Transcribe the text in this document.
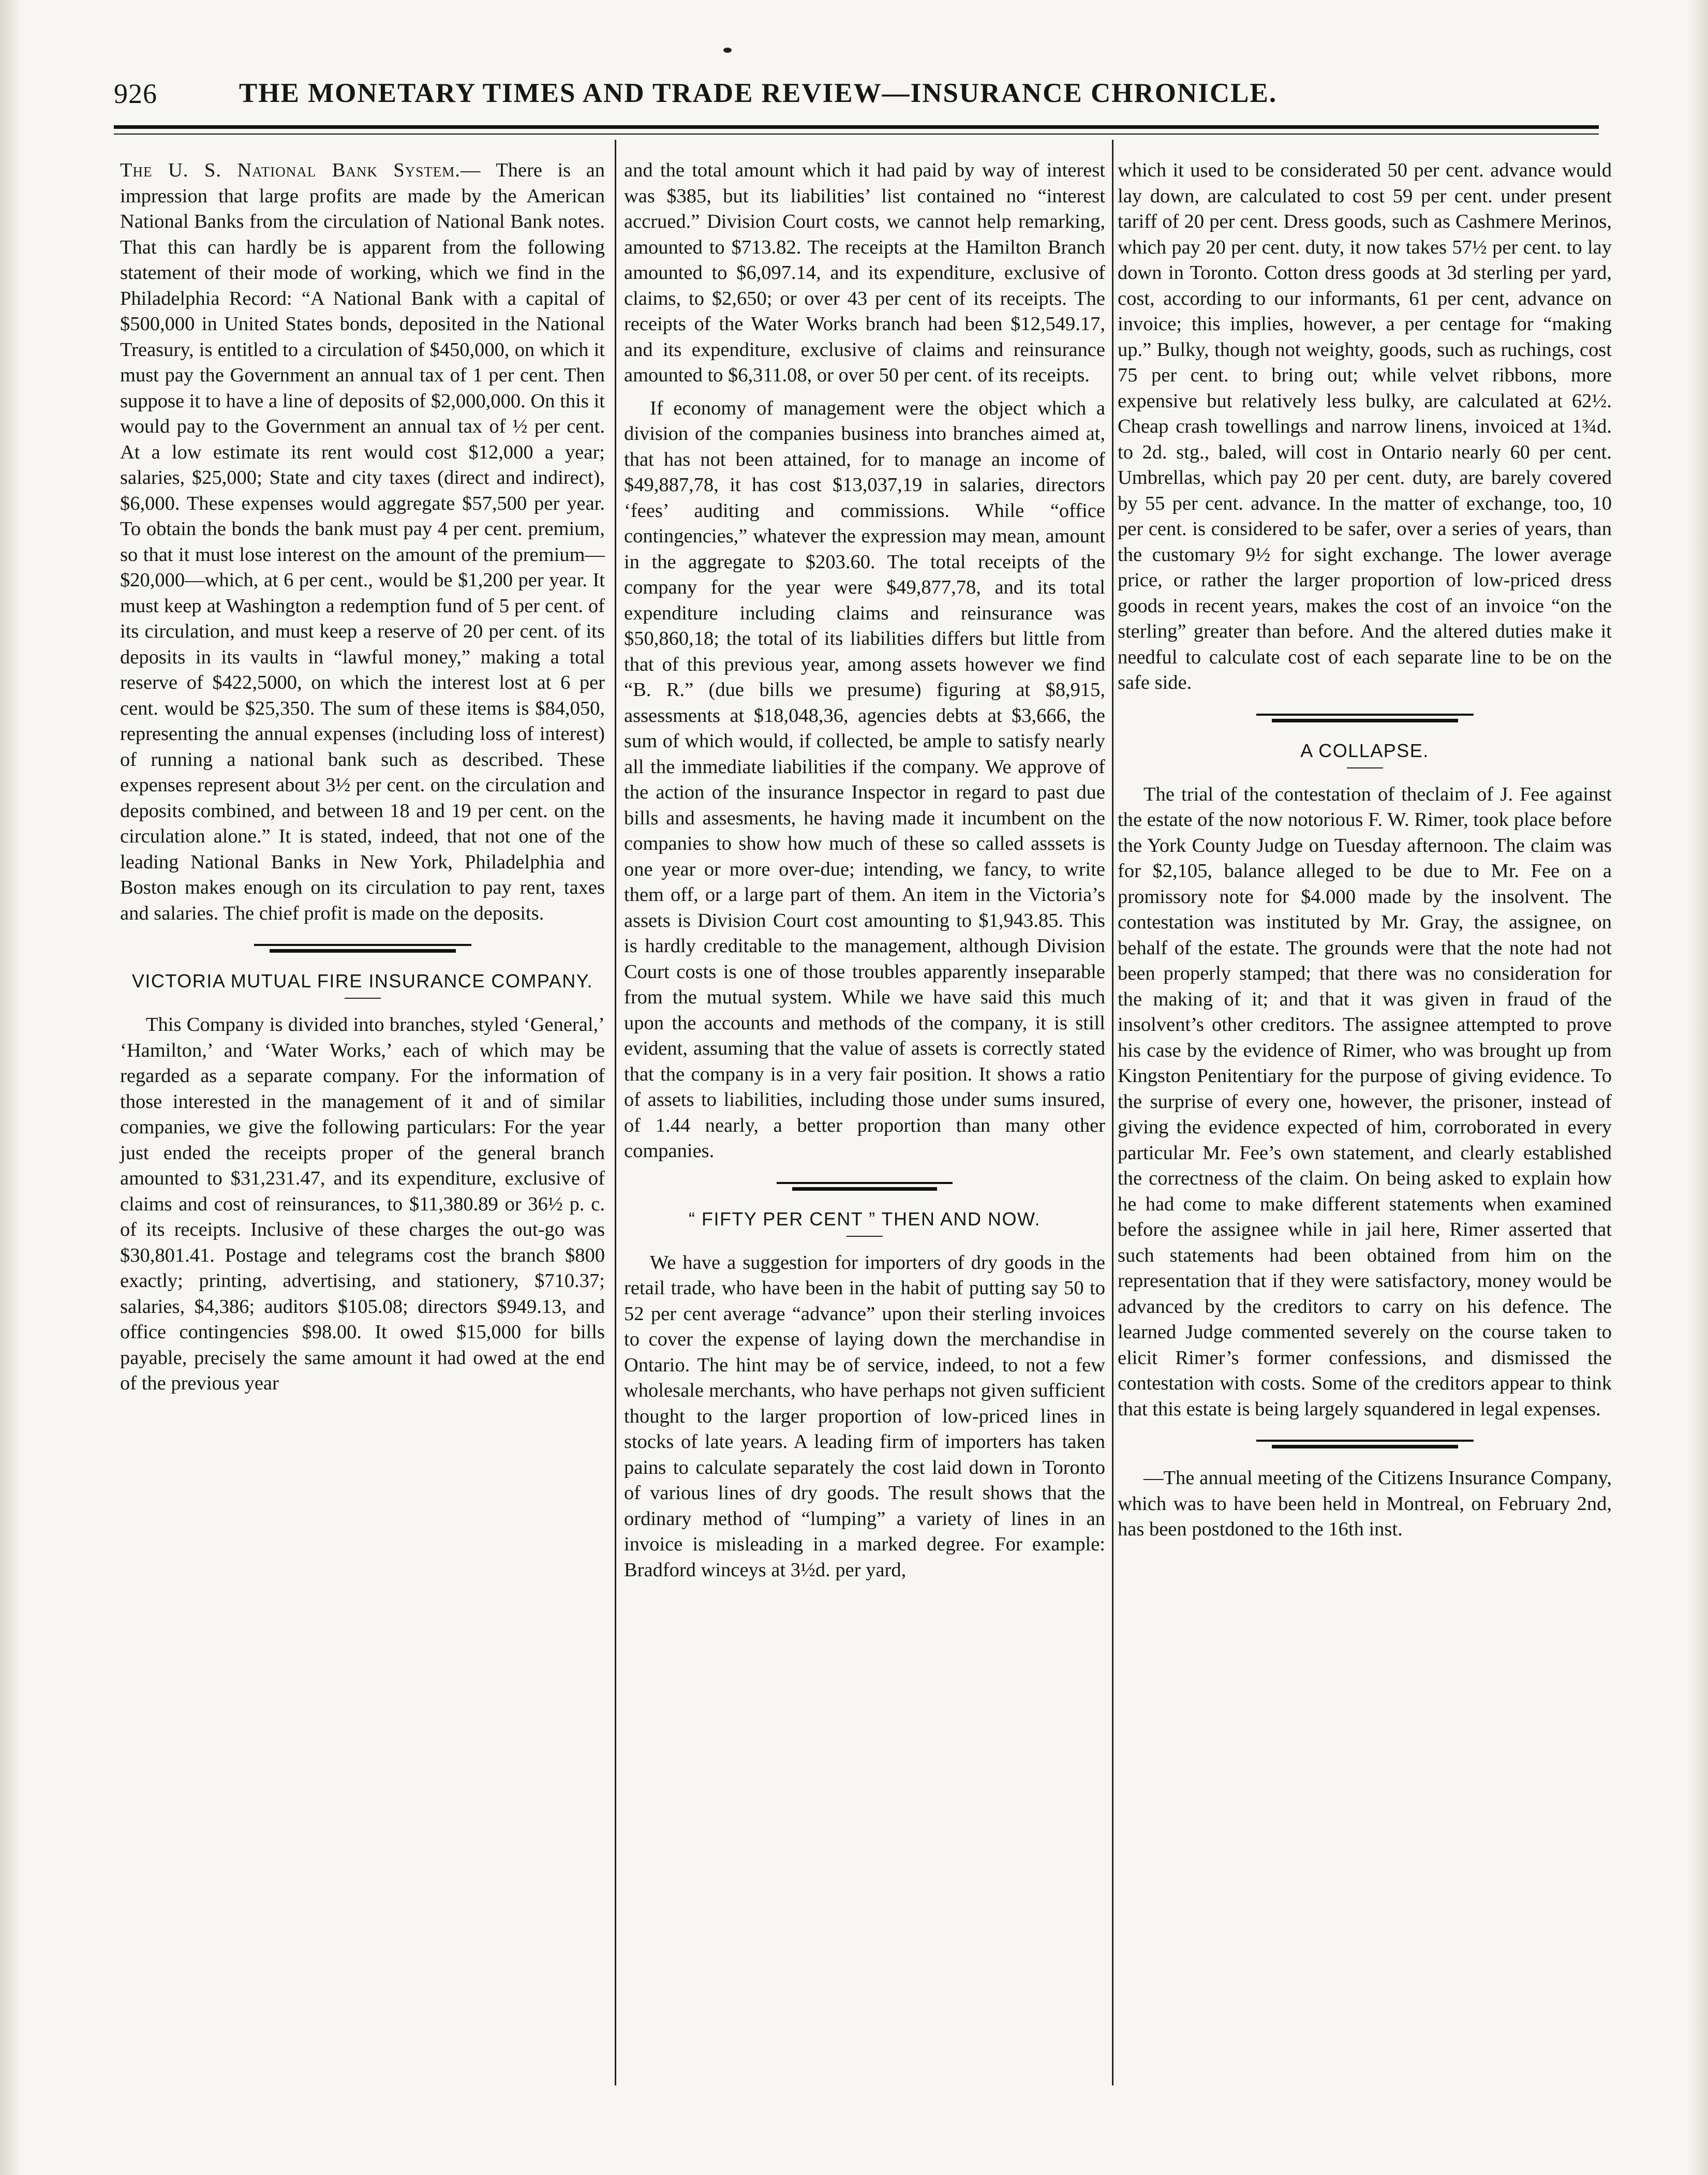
926	THE MONETARY TIMES AND TRADE REVIEW—INSURANCE CHRONICLE.

The U. S. National Bank System.— There is an impression that large profits are made by the American National Banks from the circulation of National Bank notes. That this can hardly be is apparent from the following statement of their mode of working, which we find in the Philadelphia Record: “A National Bank with a capital of $500,000 in United States bonds, deposited in the National Treasury, is entitled to a circulation of $450,000, on which it must pay the Government an annual tax of 1 per cent. Then suppose it to have a line of deposits of $2,000,000. On this it would pay to the Government an annual tax of ½ per cent. At a low estimate its rent would cost $12,000 a year; salaries, $25,000; State and city taxes (direct and indirect), $6,000. These expenses would aggregate $57,500 per year. To obtain the bonds the bank must pay 4 per cent. premium, so that it must lose interest on the amount of the premium—$20,000—which, at 6 per cent., would be $1,200 per year. It must keep at Washington a redemption fund of 5 per cent. of its circulation, and must keep a reserve of 20 per cent. of its deposits in its vaults in “lawful money,” making a total reserve of $422,5000, on which the interest lost at 6 per cent. would be $25,350. The sum of these items is $84,050, representing the annual expenses (including loss of interest) of running a national bank such as described. These expenses represent about 3½ per cent. on the circulation and deposits combined, and between 18 and 19 per cent. on the circulation alone.” It is stated, indeed, that not one of the leading National Banks in New York, Philadelphia and Boston makes enough on its circulation to pay rent, taxes and salaries. The chief profit is made on the deposits.

VICTORIA MUTUAL FIRE INSURANCE COMPANY.

This Company is divided into branches, styled ‘General,’ ‘Hamilton,’ and ‘Water Works,’ each of which may be regarded as a separate company. For the information of those interested in the management of it and of similar companies, we give the following particulars: For the year just ended the receipts proper of the general branch amounted to $31,231.47, and its expenditure, exclusive of claims and cost of reinsurances, to $11,380.89 or 36½ p. c. of its receipts. Inclusive of these charges the out-go was $30,801.41. Postage and telegrams cost the branch $800 exactly; printing, advertising, and stationery, $710.37; salaries, $4,386; auditors $105.08; directors $949.13, and office contingencies $98.00. It owed $15,000 for bills payable, precisely the same amount it had owed at the end of the previous year

and the total amount which it had paid by way of interest was $385, but its liabilities’ list contained no “interest accrued.” Division Court costs, we cannot help remarking, amounted to $713.82. The receipts at the Hamilton Branch amounted to $6,097.14, and its expenditure, exclusive of claims, to $2,650; or over 43 per cent of its receipts. The receipts of the Water Works branch had been $12,549.17, and its expenditure, exclusive of claims and reinsurance amounted to $6,311.08, or over 50 per cent. of its receipts.

If economy of management were the object which a division of the companies business into branches aimed at, that has not been attained, for to manage an income of $49,887,78, it has cost $13,037,19 in salaries, directors ‘fees’ auditing and commissions. While “office contingencies,” whatever the expression may mean, amount in the aggregate to $203.60. The total receipts of the company for the year were $49,877,78, and its total expenditure including claims and reinsurance was $50,860,18; the total of its liabilities differs but little from that of this previous year, among assets however we find “B. R.” (due bills we presume) figuring at $8,915, assessments at $18,048,36, agencies debts at $3,666, the sum of which would, if collected, be ample to satisfy nearly all the immediate liabilities if the company. We approve of the action of the insurance Inspector in regard to past due bills and assesments, he having made it incumbent on the companies to show how much of these so called asssets is one year or more over-due; intending, we fancy, to write them off, or a large part of them. An item in the Victoria’s assets is Division Court cost amounting to $1,943.85. This is hardly creditable to the management, although Division Court costs is one of those troubles apparently inseparable from the mutual system. While we have said this much upon the accounts and methods of the company, it is still evident, assuming that the value of assets is correctly stated that the company is in a very fair position. It shows a ratio of assets to liabilities, including those under sums insured, of 1.44 nearly, a better proportion than many other companies.

“ FIFTY PER CENT ” THEN AND NOW.

We have a suggestion for importers of dry goods in the retail trade, who have been in the habit of putting say 50 to 52 per cent average “advance” upon their sterling invoices to cover the expense of laying down the merchandise in Ontario. The hint may be of service, indeed, to not a few wholesale merchants, who have perhaps not given sufficient thought to the larger proportion of low-priced lines in stocks of late years. A leading firm of importers has taken pains to calculate separately the cost laid down in Toronto of various lines of dry goods. The result shows that the ordinary method of “lumping” a variety of lines in an invoice is misleading in a marked degree. For example: Bradford winceys at 3½d. per yard,

which it used to be considerated 50 per cent. advance would lay down, are calculated to cost 59 per cent. under present tariff of 20 per cent. Dress goods, such as Cashmere Merinos, which pay 20 per cent. duty, it now takes 57½ per cent. to lay down in Toronto. Cotton dress goods at 3d sterling per yard, cost, according to our informants, 61 per cent, advance on invoice; this implies, however, a per centage for “making up.” Bulky, though not weighty, goods, such as ruchings, cost 75 per cent. to bring out; while velvet ribbons, more expensive but relatively less bulky, are calculated at 62½. Cheap crash towellings and narrow linens, invoiced at 1¾d. to 2d. stg., baled, will cost in Ontario nearly 60 per cent. Umbrellas, which pay 20 per cent. duty, are barely covered by 55 per cent. advance. In the matter of exchange, too, 10 per cent. is considered to be safer, over a series of years, than the customary 9½ for sight exchange. The lower average price, or rather the larger proportion of low-priced dress goods in recent years, makes the cost of an invoice “on the sterling” greater than before. And the altered duties make it needful to calculate cost of each separate line to be on the safe side.

A COLLAPSE.

The trial of the contestation of theclaim of J. Fee against the estate of the now notorious F. W. Rimer, took place before the York County Judge on Tuesday afternoon. The claim was for $2,105, balance alleged to be due to Mr. Fee on a promissory note for $4.000 made by the insolvent. The contestation was instituted by Mr. Gray, the assignee, on behalf of the estate. The grounds were that the note had not been properly stamped; that there was no consideration for the making of it; and that it was given in fraud of the insolvent’s other creditors. The assignee attempted to prove his case by the evidence of Rimer, who was brought up from Kingston Penitentiary for the purpose of giving evidence. To the surprise of every one, however, the prisoner, instead of giving the evidence expected of him, corroborated in every particular Mr. Fee’s own statement, and clearly established the correctness of the claim. On being asked to explain how he had come to make different statements when examined before the assignee while in jail here, Rimer asserted that such statements had been obtained from him on the representation that if they were satisfactory, money would be advanced by the creditors to carry on his defence. The learned Judge commented severely on the course taken to elicit Rimer’s former confessions, and dismissed the contestation with costs. Some of the creditors appear to think that this estate is being largely squandered in legal expenses.

—The annual meeting of the Citizens Insurance Company, which was to have been held in Montreal, on February 2nd, has been postdoned to the 16th inst.
